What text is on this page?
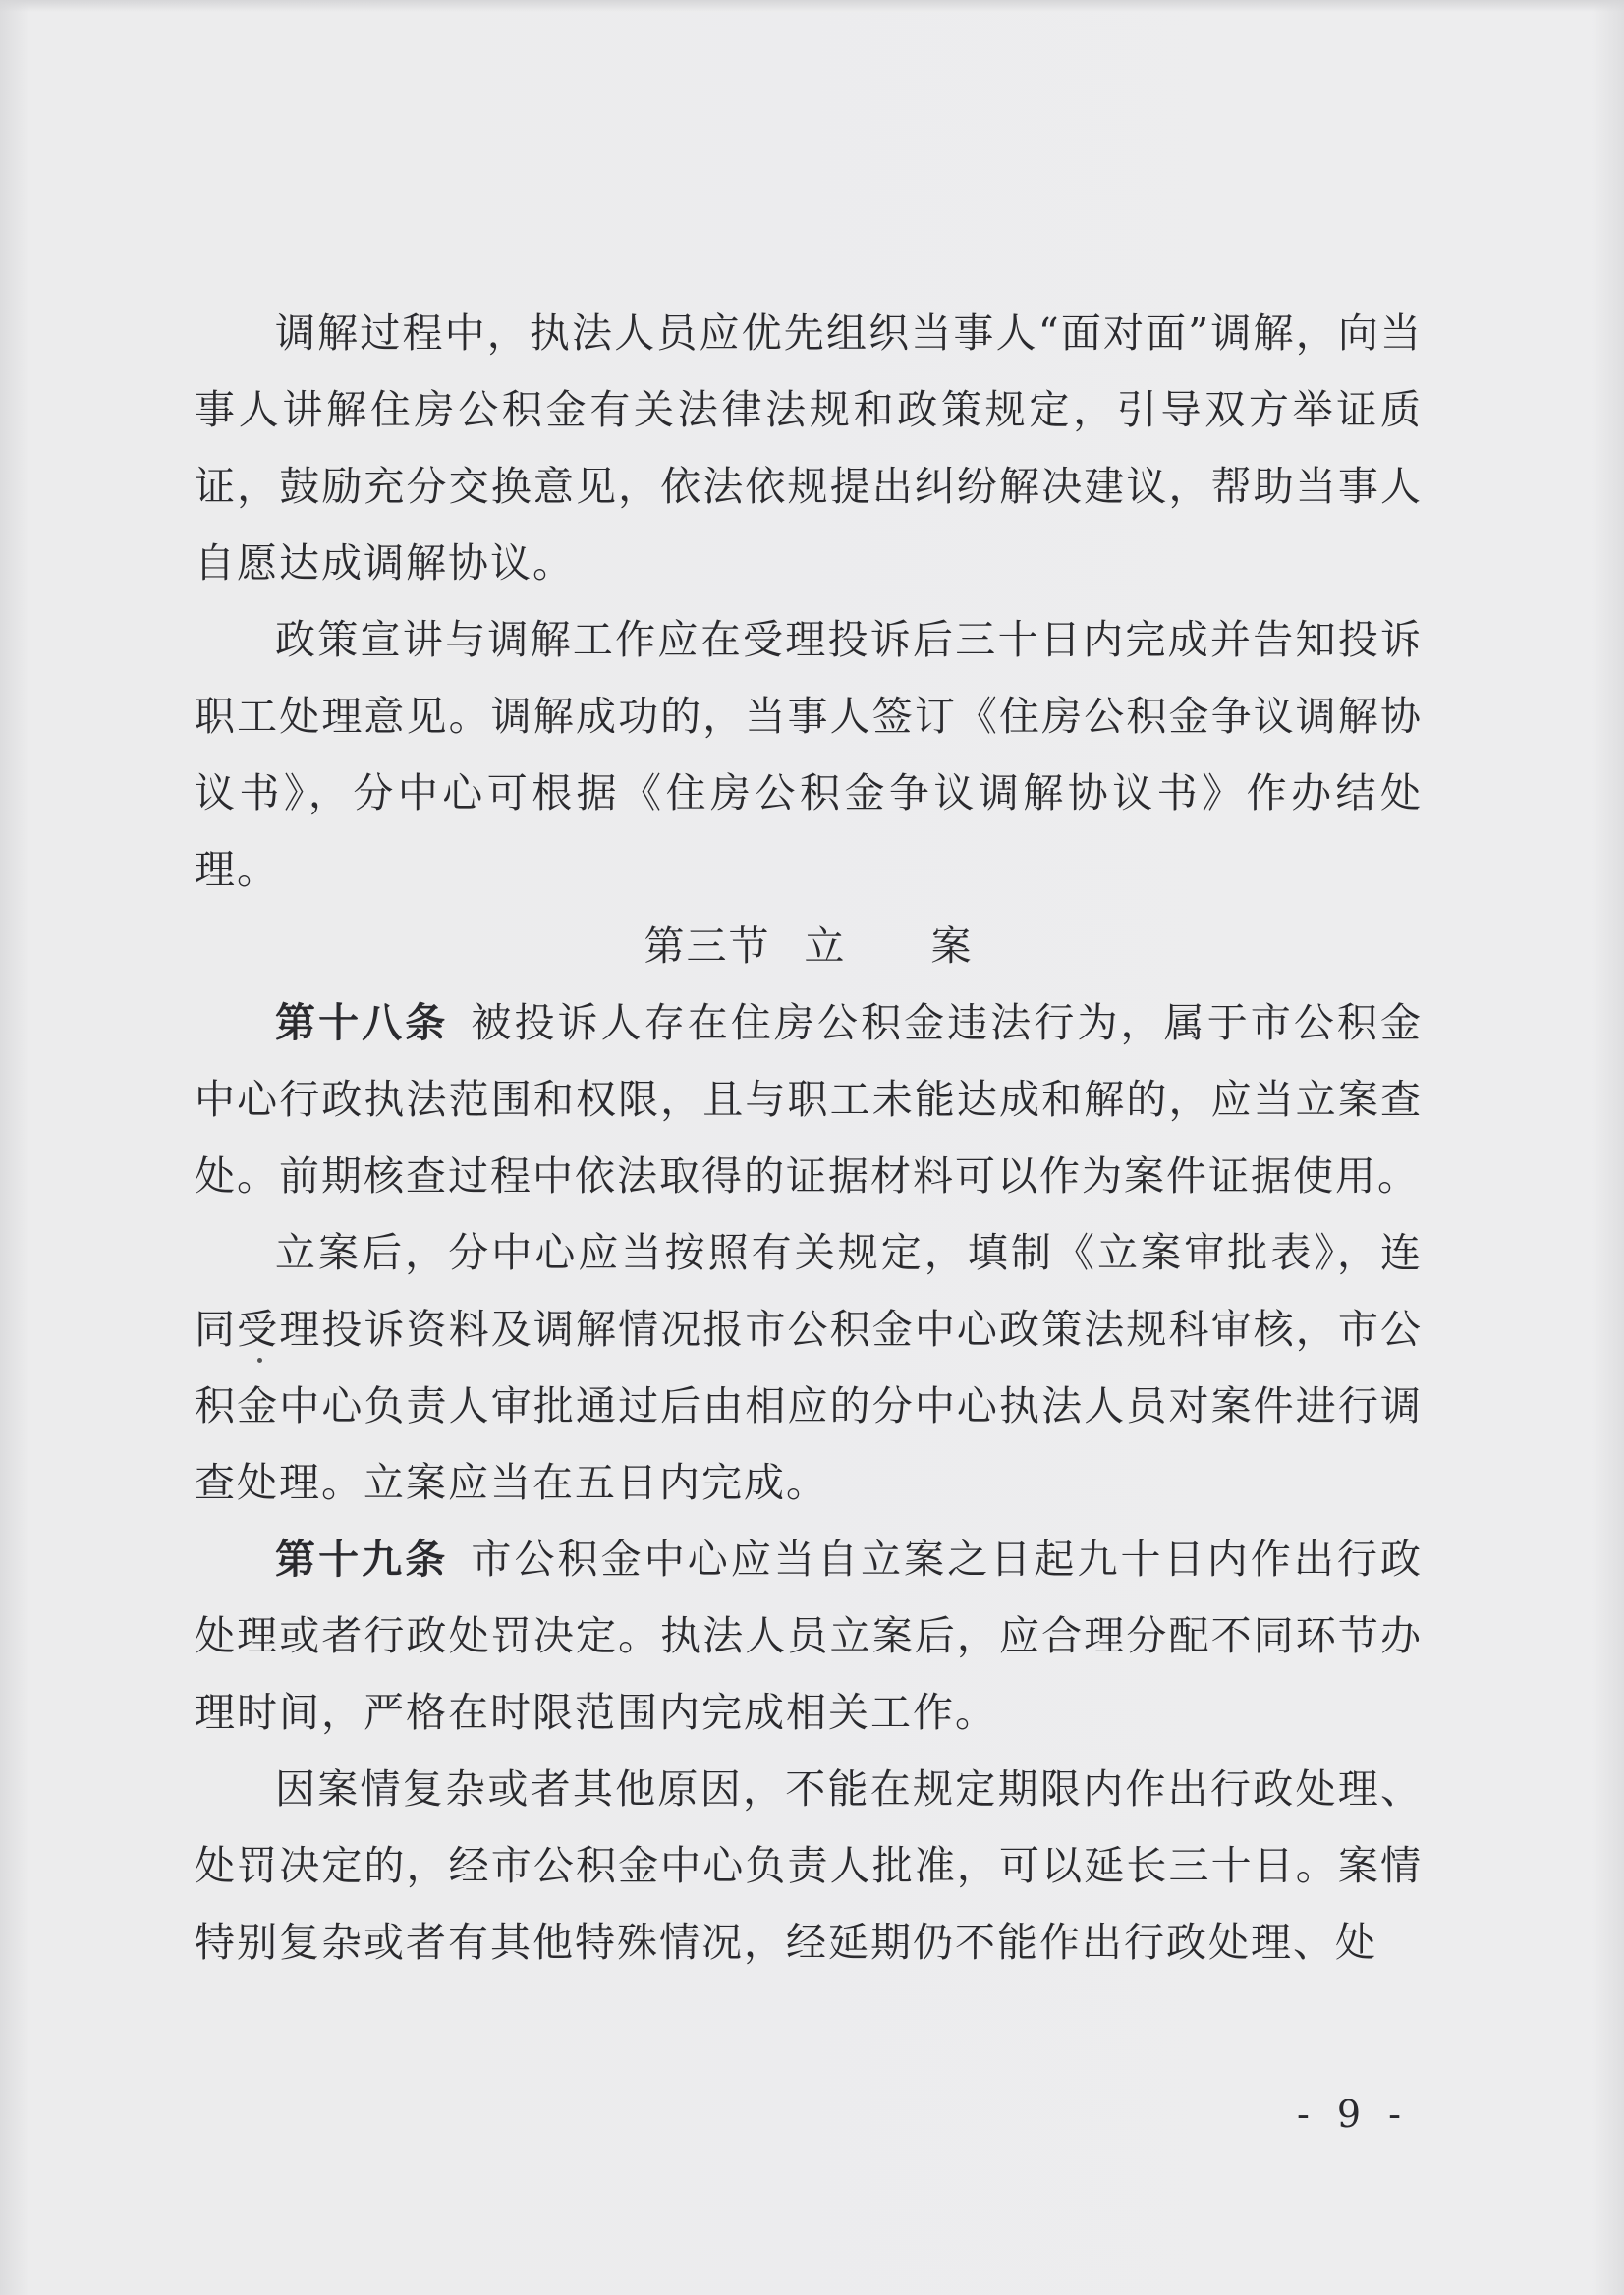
调解过程中，执法人员应优先组织当事人“面对面”调解，向当事人讲解住房公积金有关法律法规和政策规定，引导双方举证质证，鼓励充分交换意见，依法依规提出纠纷解决建议，帮助当事人自愿达成调解协议。

政策宣讲与调解工作应在受理投诉后三十日内完成并告知投诉职工处理意见。调解成功的，当事人签订《住房公积金争议调解协议书》，分中心可根据《住房公积金争议调解协议书》作办结处理。

第三节 立 案

第十八条 被投诉人存在住房公积金违法行为，属于市公积金中心行政执法范围和权限，且与职工未能达成和解的，应当立案查处。前期核查过程中依法取得的证据材料可以作为案件证据使用。

立案后，分中心应当按照有关规定，填制《立案审批表》，连同受理投诉资料及调解情况报市公积金中心政策法规科审核，市公积金中心负责人审批通过后由相应的分中心执法人员对案件进行调查处理。立案应当在五日内完成。

第十九条 市公积金中心应当自立案之日起九十日内作出行政处理或者行政处罚决定。执法人员立案后，应合理分配不同环节办理时间，严格在时限范围内完成相关工作。

因案情复杂或者其他原因，不能在规定期限内作出行政处理、处罚决定的，经市公积金中心负责人批准，可以延长三十日。案情特别复杂或者有其他特殊情况，经延期仍不能作出行政处理、处

- 9 -
